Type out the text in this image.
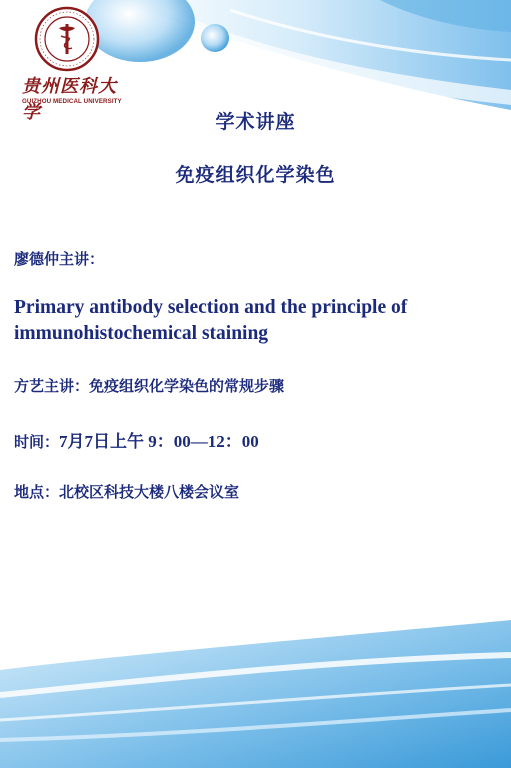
贵州医科大学
GUIZHOU MEDICAL UNIVERSITY
学术讲座
免疫组织化学染色
廖德仲主讲：
Primary antibody selection and the principle of immunohistochemical staining
方艺主讲：免疫组织化学染色的常规步骤
时间：7月7日上午 9：00—12：00
地点：北校区科技大楼八楼会议室
